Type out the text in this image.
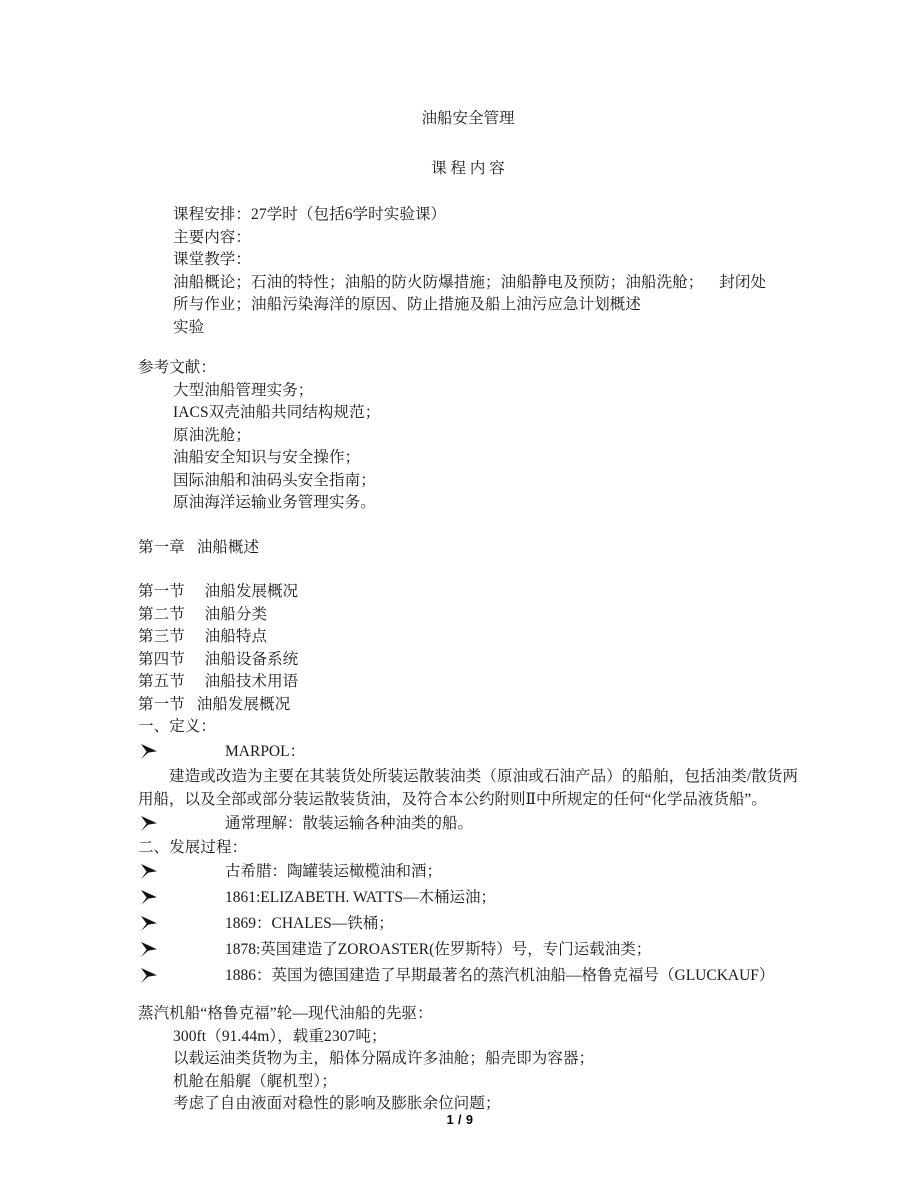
油船安全管理
课 程 内 容
课程安排：27学时（包括6学时实验课）
主要内容：
课堂教学：
油船概论；石油的特性；油船的防火防爆措施；油船静电及预防；油船洗舱；    封闭处
所与作业；油船污染海洋的原因、防止措施及船上油污应急计划概述
实验
参考文献：
大型油船管理实务；
IACS双壳油船共同结构规范；
原油洗舱；
油船安全知识与安全操作；
国际油船和油码头安全指南；
原油海洋运输业务管理实务。
第一章   油船概述
第一节     油船发展概况
第二节     油船分类
第三节     油船特点
第四节     油船设备系统
第五节     油船技术用语
第一节   油船发展概况
一、定义：
MARPOL：
建造或改造为主要在其装货处所装运散装油类（原油或石油产品）的船舶，包括油类/散货两用船，以及全部或部分装运散装货油，及符合本公约附则Ⅱ中所规定的任何“化学品液货船”。
通常理解：散装运输各种油类的船。
二、发展过程：
古希腊：陶罐装运橄榄油和酒；
1861:ELIZABETH. WATTS—木桶运油；
1869：CHALES—铁桶；
1878:英国建造了ZOROASTER(佐罗斯特）号，专门运载油类；
1886：英国为德国建造了早期最著名的蒸汽机油船—格鲁克福号（GLUCKAUF）
蒸汽机船“格鲁克福”轮—现代油船的先驱：
300ft（91.44m），载重2307吨；
以载运油类货物为主，船体分隔成许多油舱；船壳即为容器；
机舱在船艉（艉机型）；
考虑了自由液面对稳性的影响及膨胀余位问题；
1 / 9
